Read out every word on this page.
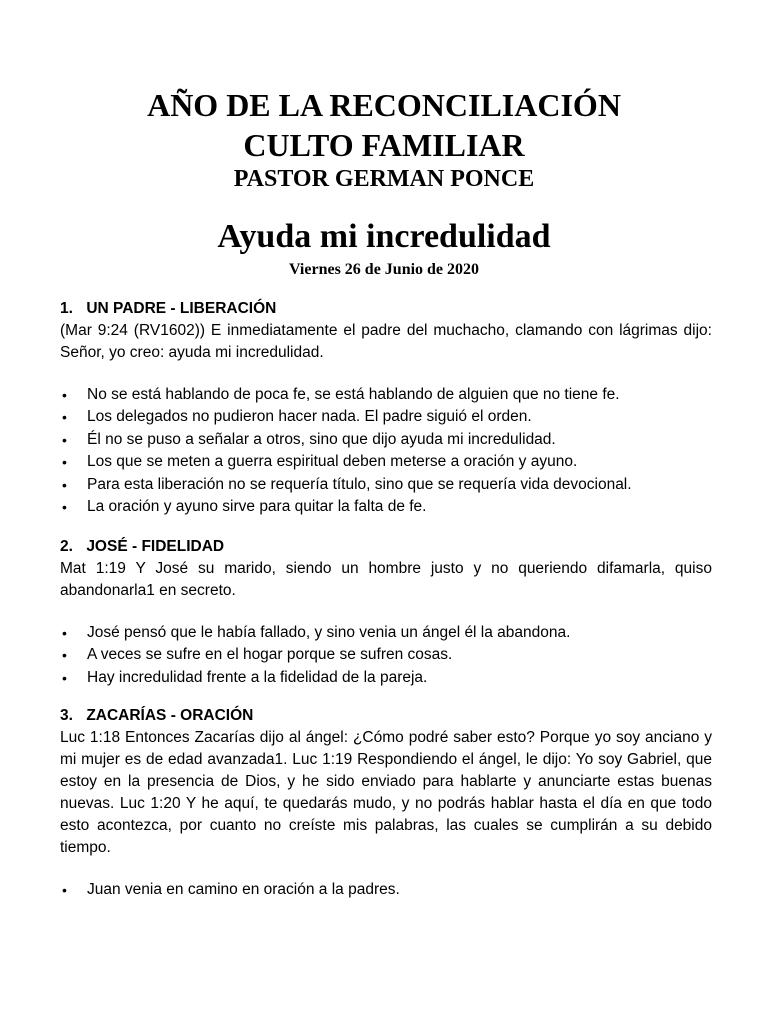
AÑO DE LA RECONCILIACIÓN
CULTO FAMILIAR
PASTOR GERMAN PONCE
Ayuda mi incredulidad
Viernes 26 de Junio de 2020
1. UN PADRE - LIBERACIÓN
(Mar 9:24 (RV1602)) E inmediatamente el padre del muchacho, clamando con lágrimas dijo: Señor, yo creo: ayuda mi incredulidad.
• No se está hablando de poca fe, se está hablando de alguien que no tiene fe.
• Los delegados no pudieron hacer nada. El padre siguió el orden.
• Él no se puso a señalar a otros, sino que dijo ayuda mi incredulidad.
• Los que se meten a guerra espiritual deben meterse a oración y ayuno.
• Para esta liberación no se requería título, sino que se requería vida devocional.
• La oración y ayuno sirve para quitar la falta de fe.
2. JOSÉ - FIDELIDAD
Mat 1:19 Y José su marido, siendo un hombre justo y no queriendo difamarla, quiso abandonarla1 en secreto.
• José pensó que le había fallado, y sino venia un ángel él la abandona.
• A veces se sufre en el hogar porque se sufren cosas.
• Hay incredulidad frente a la fidelidad de la pareja.
3. ZACARÍAS - ORACIÓN
Luc 1:18 Entonces Zacarías dijo al ángel: ¿Cómo podré saber esto? Porque yo soy anciano y mi mujer es de edad avanzada1. Luc 1:19 Respondiendo el ángel, le dijo: Yo soy Gabriel, que estoy en la presencia de Dios, y he sido enviado para hablarte y anunciarte estas buenas nuevas. Luc 1:20 Y he aquí, te quedarás mudo, y no podrás hablar hasta el día en que todo esto acontezca, por cuanto no creíste mis palabras, las cuales se cumplirán a su debido tiempo.
• Juan venia en camino en oración a la padres.
